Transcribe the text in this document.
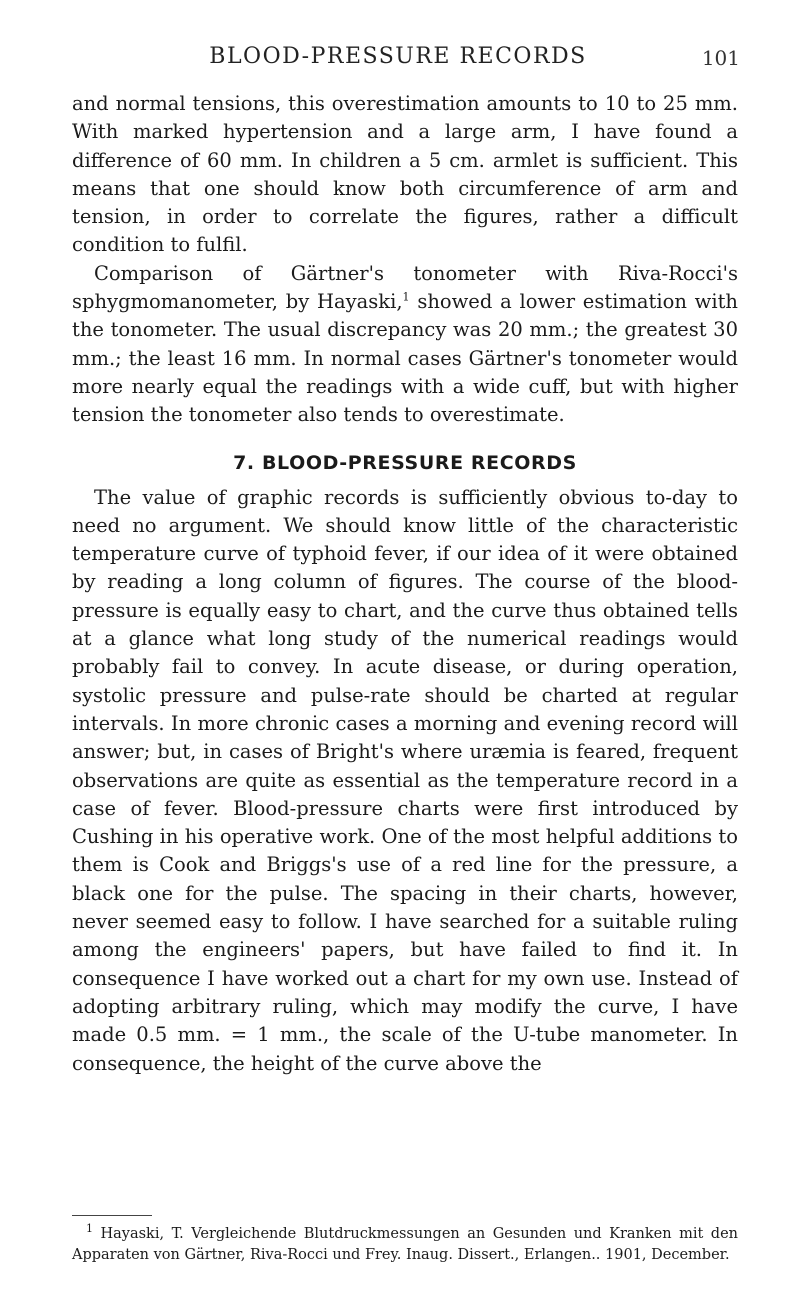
BLOOD-PRESSURE RECORDS	101

and normal tensions, this overestimation amounts to 10 to 25 mm. With marked hypertension and a large arm, I have found a difference of 60 mm. In children a 5 cm. armlet is sufficient. This means that one should know both circumference of arm and tension, in order to correlate the figures, rather a difficult condition to fulfil.

Comparison of Gärtner's tonometer with Riva-Rocci's sphygmomanometer, by Hayaski,$^1$ showed a lower estimation with the tonometer. The usual discrepancy was 20 mm.; the greatest 30 mm.; the least 16 mm. In normal cases Gärtner's tonometer would more nearly equal the readings with a wide cuff, but with higher tension the tonometer also tends to overestimate.

7. BLOOD-PRESSURE RECORDS

The value of graphic records is sufficiently obvious to-day to need no argument. We should know little of the characteristic temperature curve of typhoid fever, if our idea of it were obtained by reading a long column of figures. The course of the blood-pressure is equally easy to chart, and the curve thus obtained tells at a glance what long study of the numerical readings would probably fail to convey. In acute disease, or during operation, systolic pressure and pulse-rate should be charted at regular intervals. In more chronic cases a morning and evening record will answer; but, in cases of Bright's where uræmia is feared, frequent observations are quite as essential as the temperature record in a case of fever. Blood-pressure charts were first introduced by Cushing in his operative work. One of the most helpful additions to them is Cook and Briggs's use of a red line for the pressure, a black one for the pulse. The spacing in their charts, however, never seemed easy to follow. I have searched for a suitable ruling among the engineers' papers, but have failed to find it. In consequence I have worked out a chart for my own use. Instead of adopting arbitrary ruling, which may modify the curve, I have made 0.5 mm. = 1 mm., the scale of the U-tube manometer. In consequence, the height of the curve above the

$^1$ Hayaski, T. Vergleichende Blutdruckmessungen an Gesunden und Kranken mit den Apparaten von Gärtner, Riva-Rocci und Frey. Inaug. Dissert., Erlangen.. 1901, December.
